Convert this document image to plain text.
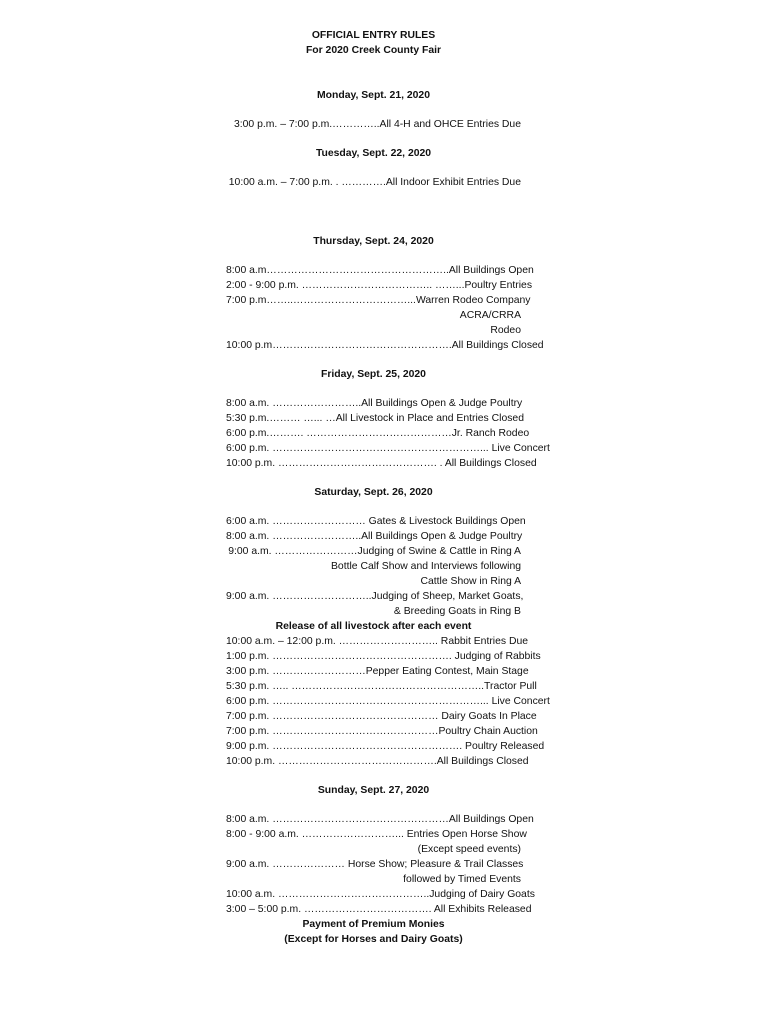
OFFICIAL ENTRY RULES
For 2020 Creek County Fair
Monday, Sept. 21, 2020
3:00 p.m. – 7:00 p.m.…………..All 4-H and OHCE Entries Due
Tuesday, Sept. 22, 2020
10:00 a.m. – 7:00 p.m. . ………….All Indoor Exhibit Entries Due
Thursday, Sept. 24, 2020
8:00 a.m……………………………………………..All Buildings Open
2:00 - 9:00 p.m. ……………………………….. ……...Poultry Entries
7:00 p.m……..……………………………...Warren Rodeo Company
ACRA/CRRA
Rodeo
10:00 p.m…………………………………………….All Buildings Closed
Friday, Sept. 25, 2020
8:00 a.m. ……………………..All Buildings Open & Judge Poultry
5:30 p.m.……… …... …All Livestock in Place and Entries Closed
6:00 p.m.………. ……………………………………Jr. Ranch Rodeo
6:00 p.m. ……………………………………………………... Live Concert
10:00 p.m. ………………………………………. . All Buildings Closed
Saturday, Sept. 26, 2020
6:00 a.m. ……………………… Gates & Livestock Buildings Open
8:00 a.m. ……………………..All Buildings Open & Judge Poultry
9:00 a.m. ……………………Judging of Swine & Cattle in Ring A
Bottle Calf Show and Interviews following
Cattle Show in Ring A
9:00 a.m. ………………………..Judging of Sheep, Market Goats,
& Breeding Goats in Ring B
Release of all livestock after each event
10:00 a.m. – 12:00 p.m. ……………………….. Rabbit Entries Due
1:00 p.m. ……………………………………………. Judging of Rabbits
3:00 p.m. ………………………Pepper Eating Contest, Main Stage
5:30 p.m. ….. ………………………………………………..Tractor Pull
6:00 p.m. ……………………………………………………... Live Concert
7:00 p.m. ………………………………………… Dairy Goats In Place
7:00 p.m. …………………………………………Poultry Chain Auction
9:00 p.m. ………………………………………………. Poultry Released
10:00 p.m. ……………………………………….All Buildings Closed
Sunday, Sept. 27, 2020
8:00 a.m. ……………………………………………All Buildings Open
8:00 - 9:00 a.m. ………………………... Entries Open Horse Show
(Except speed events)
9:00 a.m. ………………… Horse Show; Pleasure & Trail Classes
followed by Timed Events
10:00 a.m. ……………………………………..Judging of Dairy Goats
3:00 – 5:00 p.m. ………………………………. All Exhibits Released
Payment of Premium Monies
(Except for Horses and Dairy Goats)
